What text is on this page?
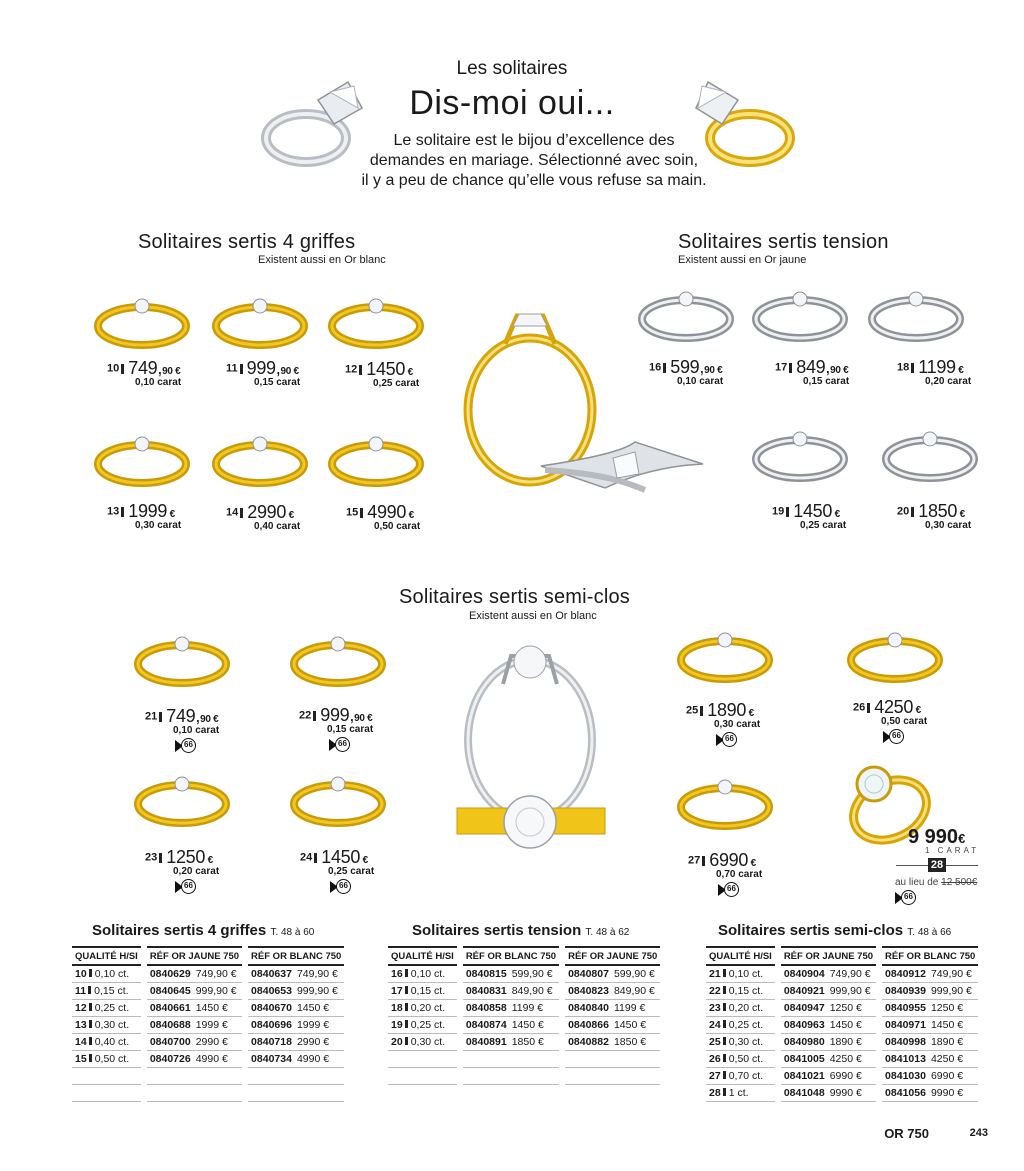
Les solitaires
Dis-moi oui...
Le solitaire est le bijou d’excellence des
demandes en mariage. Sélectionné avec soin,
il y a peu de chance qu’elle vous refuse sa main.
Solitaires sertis 4 griffes
Existent aussi en Or blanc
Solitaires sertis tension
Existent aussi en Or jaune
Solitaires sertis semi-clos
Existent aussi en Or blanc
10 749,90 €
0,10 carat
11 999,90 €
0,15 carat
12 1450 €
0,25 carat
13 1999 €
0,30 carat
14 2990 €
0,40 carat
15 4990 €
0,50 carat
16 599,90 €
0,10 carat
17 849,90 €
0,15 carat
18 1199 €
0,20 carat
19 1450 €
0,25 carat
20 1850 €
0,30 carat
21 749,90 €
0,10 carat
66
22 999,90 €
0,15 carat
66
23 1250 €
0,20 carat
66
24 1450 €
0,25 carat
66
25 1890 €
0,30 carat
66
26 4250 €
0,50 carat
66
27 6990 €
0,70 carat
66
9 990€
1 CARAT
28
au lieu de 12 500€
66
Solitaires sertis 4 griffes T. 48 à 60
QUALITÉ H/SI		RÉF OR JAUNE 750		RÉF OR BLANC 750
10 0,10 ct.		0840629 749,90 €		0840637 749,90 €
11 0,15 ct.		0840645 999,90 €		0840653 999,90 €
12 0,25 ct.		0840661 1450 €		0840670 1450 €
13 0,30 ct.		0840688 1999 €		0840696 1999 €
14 0,40 ct.		0840700 2990 €		0840718 2990 €
15 0,50 ct.		0840726 4990 €		0840734 4990 €

Solitaires sertis tension T. 48 à 62
QUALITÉ H/SI		RÉF OR BLANC 750		RÉF OR JAUNE 750
16 0,10 ct.		0840815 599,90 €		0840807 599,90 €
17 0,15 ct.		0840831 849,90 €		0840823 849,90 €
18 0,20 ct.		0840858 1199 €		0840840 1199 €
19 0,25 ct.		0840874 1450 €		0840866 1450 €
20 0,30 ct.		0840891 1850 €		0840882 1850 €

Solitaires sertis semi-clos T. 48 à 66
QUALITÉ H/SI		RÉF OR JAUNE 750		RÉF OR BLANC 750
21 0,10 ct.		0840904 749,90 €		0840912 749,90 €
22 0,15 ct.		0840921 999,90 €		0840939 999,90 €
23 0,20 ct.		0840947 1250 €		0840955 1250 €
24 0,25 ct.		0840963 1450 €		0840971 1450 €
25 0,30 ct.		0840980 1890 €		0840998 1890 €
26 0,50 ct.		0841005 4250 €		0841013 4250 €
27 0,70 ct.		0841021 6990 €		0841030 6990 €
28 1 ct.		0841048 9990 €		0841056 9990 €
OR 750	243
